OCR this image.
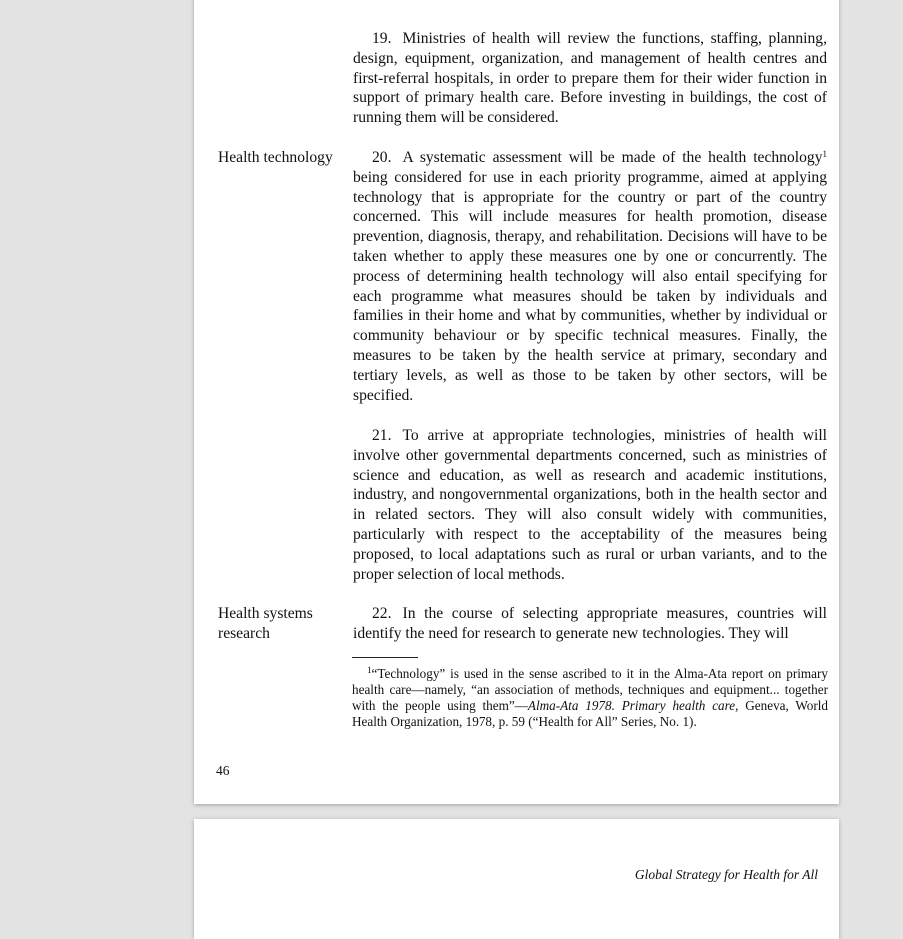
19. Ministries of health will review the functions, staffing, planning, design, equipment, organization, and management of health centres and first-referral hospitals, in order to prepare them for their wider function in support of primary health care. Before investing in buildings, the cost of running them will be considered.
Health technology	20. A systematic assessment will be made of the health technology$^1$ being considered for use in each priority programme, aimed at applying technology that is appropriate for the country or part of the country concerned. This will include measures for health promotion, disease prevention, diagnosis, therapy, and rehabilitation. Decisions will have to be taken whether to apply these measures one by one or concurrently. The process of determining health technology will also entail specifying for each programme what measures should be taken by individuals and families in their home and what by communities, whether by individual or community behaviour or by specific technical measures. Finally, the measures to be taken by the health service at primary, secondary and tertiary levels, as well as those to be taken by other sectors, will be specified.
21. To arrive at appropriate technologies, ministries of health will involve other governmental departments concerned, such as ministries of science and education, as well as research and academic institutions, industry, and nongovernmental organizations, both in the health sector and in related sectors. They will also consult widely with communities, particularly with respect to the acceptability of the measures being proposed, to local adaptations such as rural or urban variants, and to the proper selection of local methods.
Health systems research
22. In the course of selecting appropriate measures, countries will identify the need for research to generate new technologies. They will
$^1$“Technology” is used in the sense ascribed to it in the Alma-Ata report on primary health care—namely, “an association of methods, techniques and equipment... together with the people using them”—Alma-Ata 1978. Primary health care, Geneva, World Health Organization, 1978, p. 59 (“Health for All” Series, No. 1).
46
Global Strategy for Health for All
